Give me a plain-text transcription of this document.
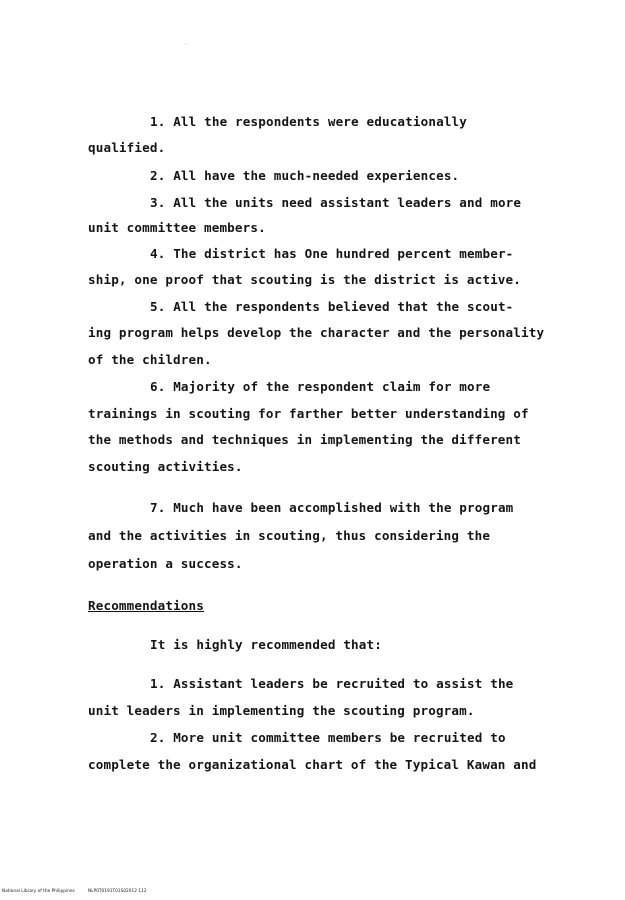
ˋ
1. All the respondents were educationally
qualified.
2. All have the much-needed experiences.
3. All the units need assistant leaders and more
unit committee members.
4. The district has One hundred percent member-
ship, one proof that scouting is the district is active.
5. All the respondents believed that the scout-
ing program helps develop the character and the personality
of the children.
6. Majority of the respondent claim for more
trainings in scouting for farther better understanding of
the methods and techniques in implementing the different
scouting activities.
7. Much have been accomplished with the program
and the activities in scouting, thus considering the
operation a success.
Recommendations
It is highly recommended that:
1. Assistant leaders be recruited to assist the
unit leaders in implementing the scouting program.
2. More unit committee members be recruited to
complete the organizational chart of the Typical Kawan and
National Library of the Philippines	NLP0T0191T01S02012 112
